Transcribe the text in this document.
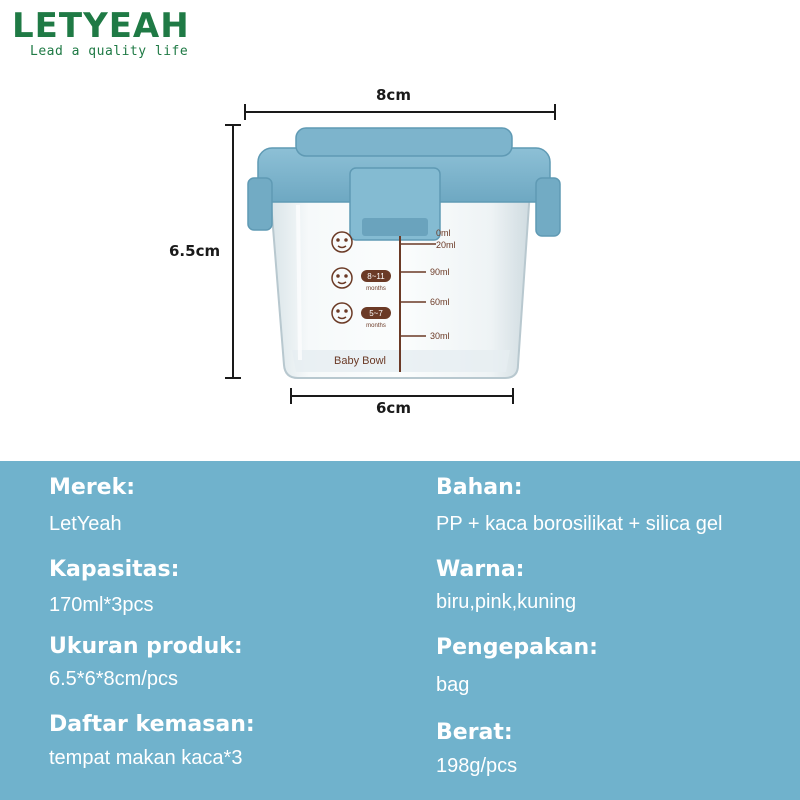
LETYEAH
Lead a quality life
0ml
20ml
90ml
60ml
30ml
8~11
months
5~7
months
Baby Bowl
8cm
6.5cm
6cm
Merek:
LetYeah
Kapasitas:
170ml*3pcs
Ukuran produk:
6.5*6*8cm/pcs
Daftar kemasan:
tempat makan kaca*3
Bahan:
PP + kaca borosilikat + silica gel
Warna:
biru,pink,kuning
Pengepakan:
bag
Berat:
198g/pcs
